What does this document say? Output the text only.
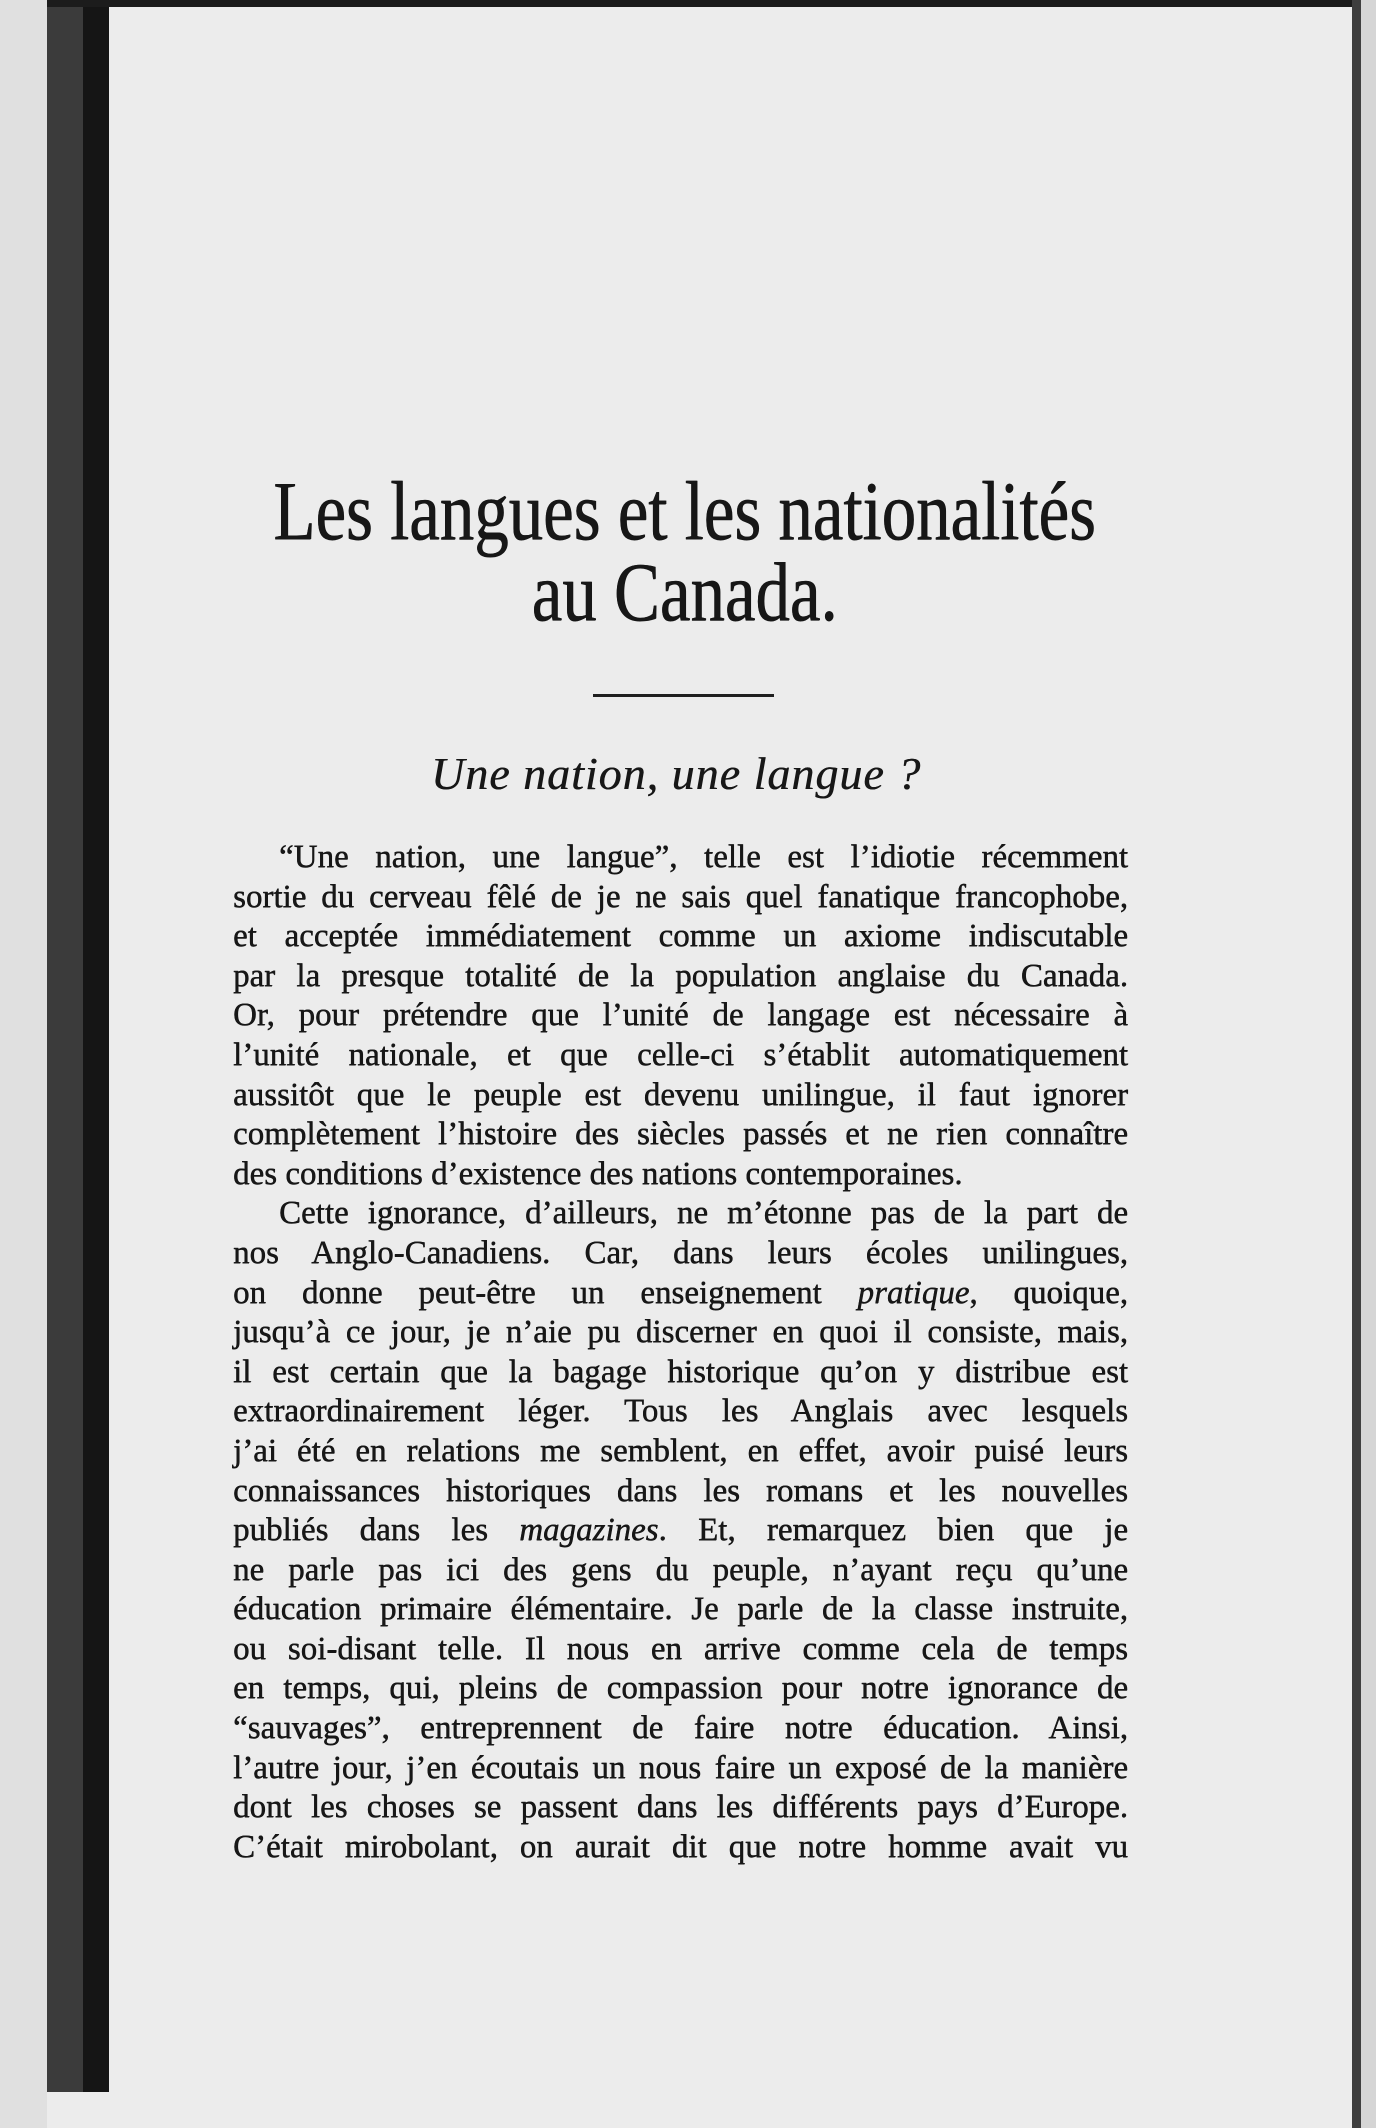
Les langues et les nationalités
au Canada.
Une nation, une langue ?
“Une nation, une langue”, telle est l’idiotie récemment
sortie du cerveau fêlé de je ne sais quel fanatique francophobe,
et acceptée immédiatement comme un axiome indiscutable
par la presque totalité de la population anglaise du Canada.
Or, pour prétendre que l’unité de langage est nécessaire à
l’unité nationale, et que celle-ci s’établit automatiquement
aussitôt que le peuple est devenu unilingue, il faut ignorer
complètement l’histoire des siècles passés et ne rien connaître
des conditions d’existence des nations contemporaines.
Cette ignorance, d’ailleurs, ne m’étonne pas de la part de
nos Anglo-Canadiens. Car, dans leurs écoles unilingues,
on donne peut-être un enseignement pratique, quoique,
jusqu’à ce jour, je n’aie pu discerner en quoi il consiste, mais,
il est certain que la bagage historique qu’on y distribue est
extraordinairement léger. Tous les Anglais avec lesquels
j’ai été en relations me semblent, en effet, avoir puisé leurs
connaissances historiques dans les romans et les nouvelles
publiés dans les magazines. Et, remarquez bien que je
ne parle pas ici des gens du peuple, n’ayant reçu qu’une
éducation primaire élémentaire. Je parle de la classe instruite,
ou soi-disant telle. Il nous en arrive comme cela de temps
en temps, qui, pleins de compassion pour notre ignorance de
“sauvages”, entreprennent de faire notre éducation. Ainsi,
l’autre jour, j’en écoutais un nous faire un exposé de la manière
dont les choses se passent dans les différents pays d’Europe.
C’était mirobolant, on aurait dit que notre homme avait vu
